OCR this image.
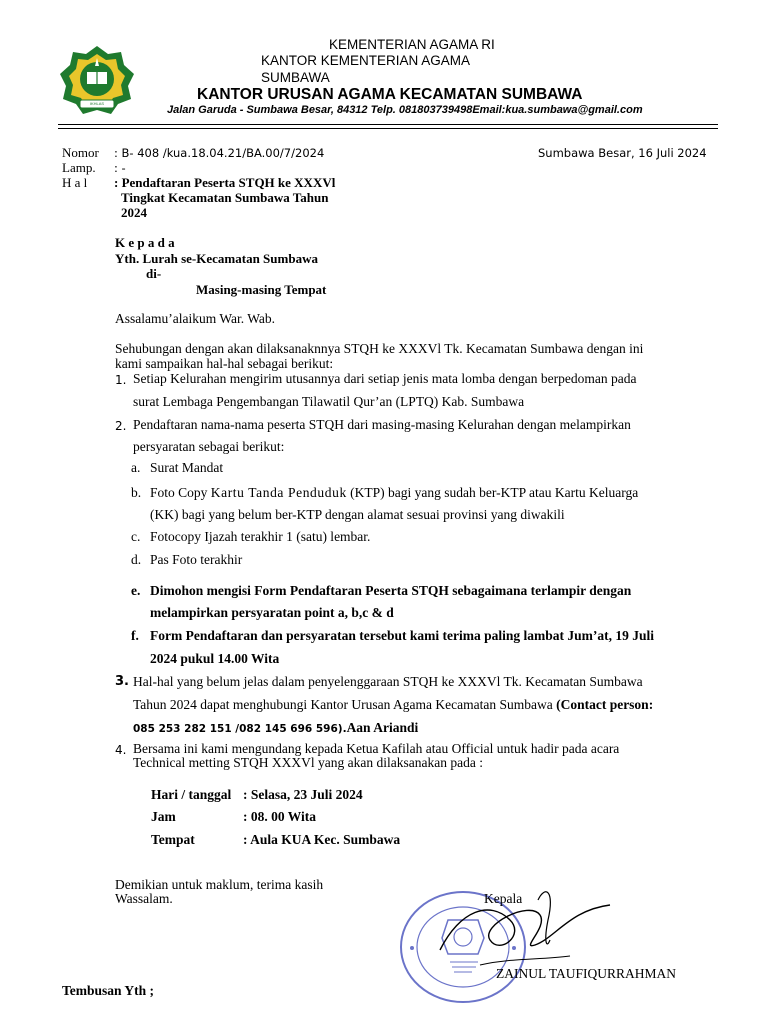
IKHLAS BERAMAL
KEMENTERIAN AGAMA RI
KANTOR KEMENTERIAN AGAMA
SUMBAWA
KANTOR URUSAN AGAMA KECAMATAN SUMBAWA
Jalan Garuda - Sumbawa Besar, 84312 Telp. 081803739498Email:kua.sumbawa@gmail.com
Nomor : B- 408 /kua.18.04.21/BA.00/7/2024	Sumbawa Besar, 16 Juli 2024
Lamp. : -
H a l : Pendaftaran Peserta STQH ke XXXVl
Tingkat Kecamatan Sumbawa Tahun
2024
K e p a d a
Yth. Lurah se-Kecamatan Sumbawa
di-
Masing-masing Tempat
Assalamu’alaikum War. Wab.
Sehubungan dengan akan dilaksanaknnya STQH ke XXXVl Tk. Kecamatan Sumbawa dengan ini
kami sampaikan hal-hal sebagai berikut:
1. Setiap Kelurahan mengirim utusannya dari setiap jenis mata lomba dengan berpedoman pada
surat Lembaga Pengembangan Tilawatil Qur’an (LPTQ) Kab. Sumbawa
2. Pendaftaran nama-nama peserta STQH dari masing-masing Kelurahan dengan melampirkan
persyaratan sebagai berikut:
a. Surat Mandat
b. Foto Copy Kartu Tanda Penduduk (KTP) bagi yang sudah ber-KTP atau Kartu Keluarga
(KK) bagi yang belum ber-KTP dengan alamat sesuai provinsi yang diwakili
c. Fotocopy Ijazah terakhir 1 (satu) lembar.
d. Pas Foto terakhir
e. Dimohon mengisi Form Pendaftaran Peserta STQH sebagaimana terlampir dengan
melampirkan persyaratan point a, b,c & d
f. Form Pendaftaran dan persyaratan tersebut kami terima paling lambat Jum’at, 19 Juli
2024 pukul 14.00 Wita
3. Hal-hal yang belum jelas dalam penyelenggaraan STQH ke XXXVl Tk. Kecamatan Sumbawa
Tahun 2024 dapat menghubungi Kantor Urusan Agama Kecamatan Sumbawa (Contact person:
085 253 282 151 /082 145 696 596).Aan Ariandi
4. Bersama ini kami mengundang kepada Ketua Kafilah atau Official untuk hadir pada acara
Technical metting STQH XXXVl yang akan dilaksanakan pada :
Hari / tanggal : Selasa, 23 Juli 2024
Jam	: 08. 00 Wita
Tempat	: Aula KUA Kec. Sumbawa
Demikian untuk maklum, terima kasih
Wassalam.	Kepala
ZAINUL TAUFIQURRAHMAN
Tembusan Yth ;
